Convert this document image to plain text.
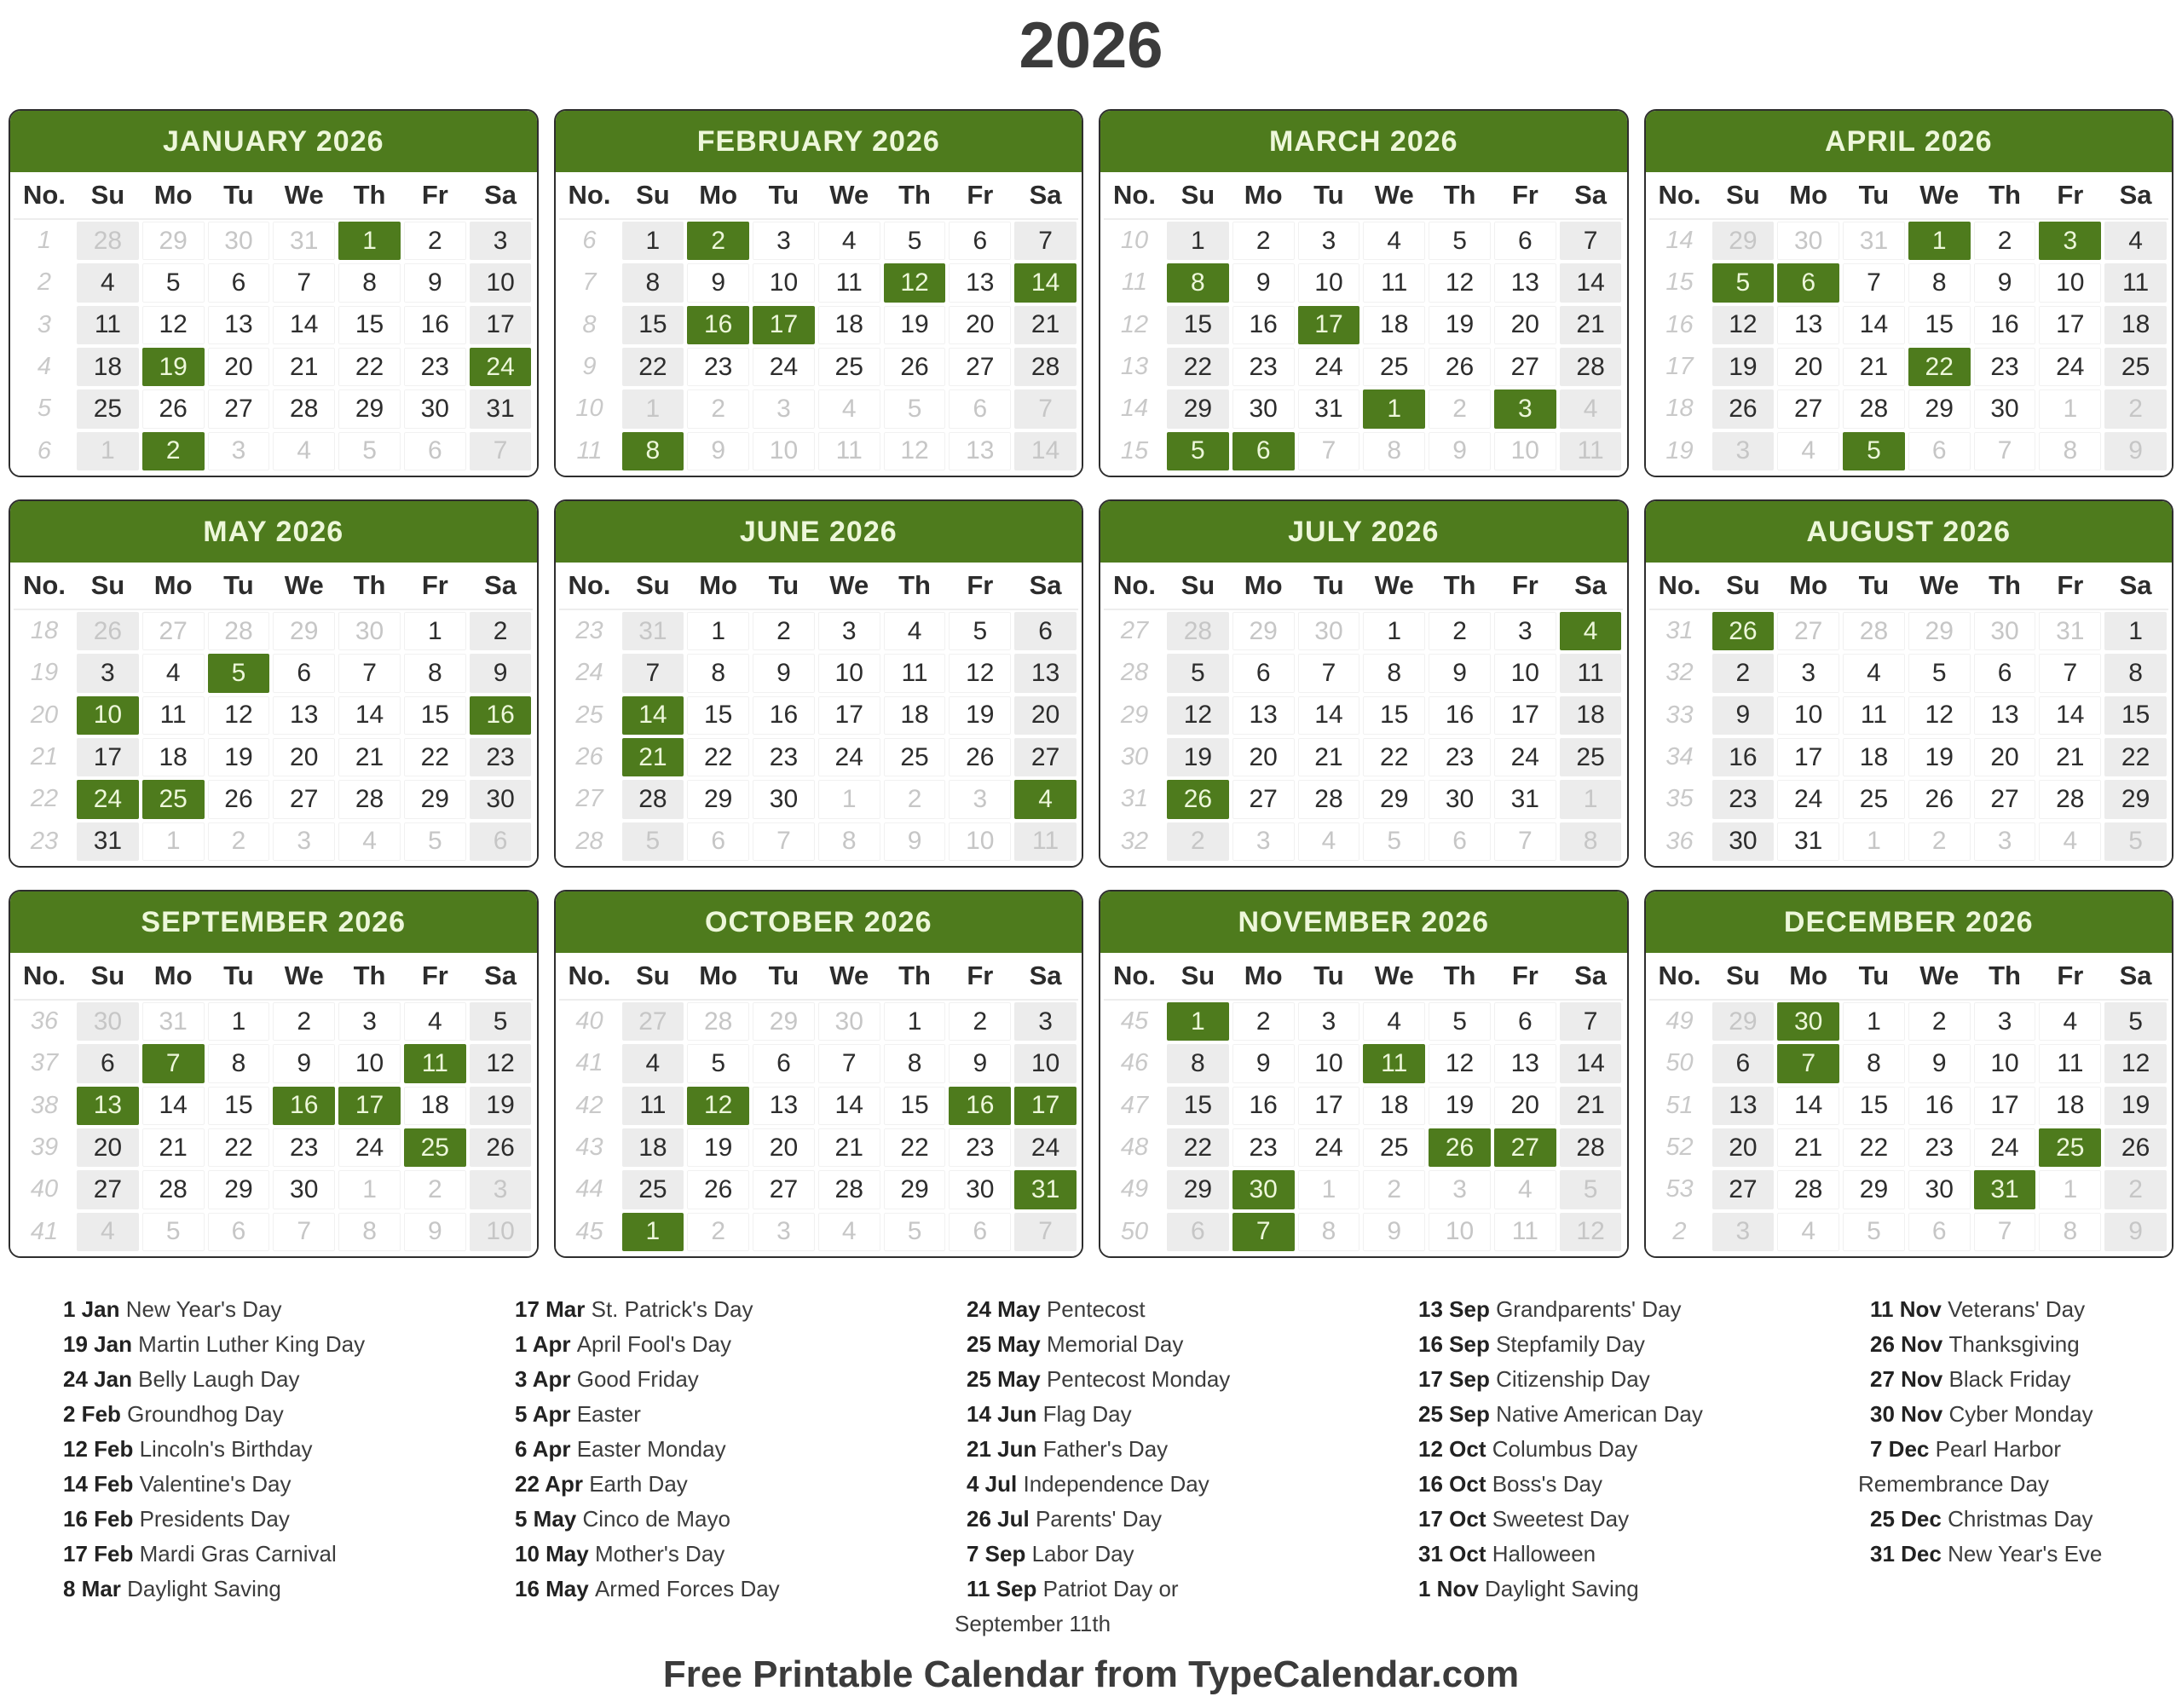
2026
JANUARY 2026
No. Su	Mo	Tu	We	Th	Fr	Sa
1	28	29	30	31	1	2	3
2	4	5	6	7	8	9	10
3	11	12	13	14	15	16	17
4	18	19	20	21	22	23	24
5	25	26	27	28	29	30	31
6	1	2	3	4	5	6	7
FEBRUARY 2026
No. Su	Mo	Tu	We	Th	Fr	Sa
6	1	2	3	4	5	6	7
7	8	9	10	11	12	13	14
8	15	16	17	18	19	20	21
9	22	23	24	25	26	27	28
10	1	2	3	4	5	6	7
11	8	9	10	11	12	13	14
MARCH 2026
No. Su	Mo	Tu	We	Th	Fr	Sa
10	1	2	3	4	5	6	7
11	8	9	10	11	12	13	14
12	15	16	17	18	19	20	21
13	22	23	24	25	26	27	28
14	29	30	31	1	2	3	4
15	5	6	7	8	9	10	11
APRIL 2026
No. Su	Mo	Tu	We	Th	Fr	Sa
14	29	30	31	1	2	3	4
15	5	6	7	8	9	10	11
16	12	13	14	15	16	17	18
17	19	20	21	22	23	24	25
18	26	27	28	29	30	1	2
19	3	4	5	6	7	8	9
MAY 2026
No. Su	Mo	Tu	We	Th	Fr	Sa
18	26	27	28	29	30	1	2
19	3	4	5	6	7	8	9
20	10	11	12	13	14	15	16
21	17	18	19	20	21	22	23
22	24	25	26	27	28	29	30
23	31	1	2	3	4	5	6
JUNE 2026
No. Su	Mo	Tu	We	Th	Fr	Sa
23	31	1	2	3	4	5	6
24	7	8	9	10	11	12	13
25	14	15	16	17	18	19	20
26	21	22	23	24	25	26	27
27	28	29	30	1	2	3	4
28	5	6	7	8	9	10	11
JULY 2026
No. Su	Mo	Tu	We	Th	Fr	Sa
27	28	29	30	1	2	3	4
28	5	6	7	8	9	10	11
29	12	13	14	15	16	17	18
30	19	20	21	22	23	24	25
31	26	27	28	29	30	31	1
32	2	3	4	5	6	7	8
AUGUST 2026
No. Su	Mo	Tu	We	Th	Fr	Sa
31	26	27	28	29	30	31	1
32	2	3	4	5	6	7	8
33	9	10	11	12	13	14	15
34	16	17	18	19	20	21	22
35	23	24	25	26	27	28	29
36	30	31	1	2	3	4	5
SEPTEMBER 2026
No. Su	Mo	Tu	We	Th	Fr	Sa
36	30	31	1	2	3	4	5
37	6	7	8	9	10	11	12
38	13	14	15	16	17	18	19
39	20	21	22	23	24	25	26
40	27	28	29	30	1	2	3
41	4	5	6	7	8	9	10
OCTOBER 2026
No. Su	Mo	Tu	We	Th	Fr	Sa
40	27	28	29	30	1	2	3
41	4	5	6	7	8	9	10
42	11	12	13	14	15	16	17
43	18	19	20	21	22	23	24
44	25	26	27	28	29	30	31
45	1	2	3	4	5	6	7
NOVEMBER 2026
No. Su	Mo	Tu	We	Th	Fr	Sa
45	1	2	3	4	5	6	7
46	8	9	10	11	12	13	14
47	15	16	17	18	19	20	21
48	22	23	24	25	26	27	28
49	29	30	1	2	3	4	5
50	6	7	8	9	10	11	12
DECEMBER 2026
No. Su	Mo	Tu	We	Th	Fr	Sa
49	29	30	1	2	3	4	5
50	6	7	8	9	10	11	12
51	13	14	15	16	17	18	19
52	20	21	22	23	24	25	26
53	27	28	29	30	31	1	2
2	3	4	5	6	7	8	9
1 Jan New Year's Day
19 Jan Martin Luther King Day
24 Jan Belly Laugh Day
2 Feb Groundhog Day
12 Feb Lincoln's Birthday
14 Feb Valentine's Day
16 Feb Presidents Day
17 Feb Mardi Gras Carnival
8 Mar Daylight Saving
17 Mar St. Patrick's Day
1 Apr April Fool's Day
3 Apr Good Friday
5 Apr Easter
6 Apr Easter Monday
22 Apr Earth Day
5 May Cinco de Mayo
10 May Mother's Day
16 May Armed Forces Day
24 May Pentecost
25 May Memorial Day
25 May Pentecost Monday
14 Jun Flag Day
21 Jun Father's Day
4 Jul Independence Day
26 Jul Parents' Day
7 Sep Labor Day
11 Sep Patriot Day or
September 11th
13 Sep Grandparents' Day
16 Sep Stepfamily Day
17 Sep Citizenship Day
25 Sep Native American Day
12 Oct Columbus Day
16 Oct Boss's Day
17 Oct Sweetest Day
31 Oct Halloween
1 Nov Daylight Saving
11 Nov Veterans' Day
26 Nov Thanksgiving
27 Nov Black Friday
30 Nov Cyber Monday
7 Dec Pearl Harbor
Remembrance Day
25 Dec Christmas Day
31 Dec New Year's Eve
Free Printable Calendar from TypeCalendar.com
